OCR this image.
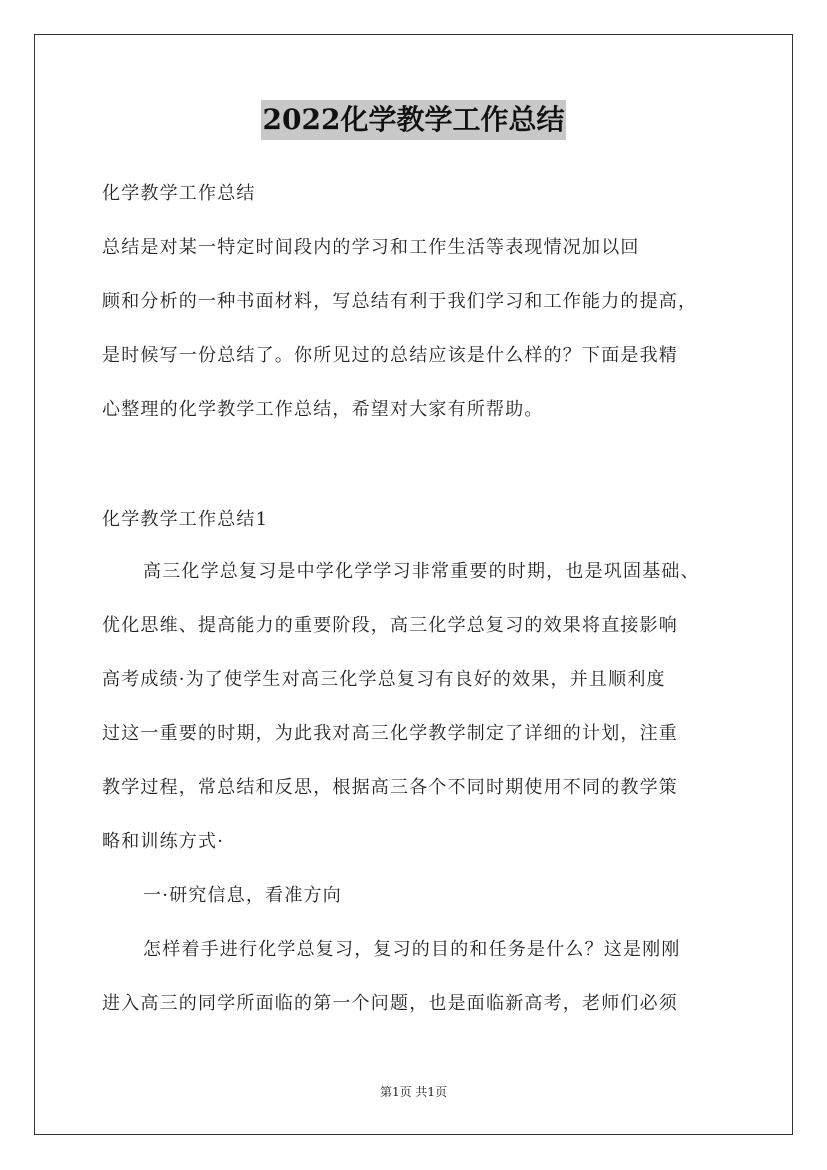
2022化学教学工作总结
化学教学工作总结
总结是对某一特定时间段内的学习和工作生活等表现情况加以回
顾和分析的一种书面材料，写总结有利于我们学习和工作能力的提高，
是时候写一份总结了。你所见过的总结应该是什么样的？下面是我精
心整理的化学教学工作总结，希望对大家有所帮助。
化学教学工作总结1
高三化学总复习是中学化学学习非常重要的时期，也是巩固基础、
优化思维、提高能力的重要阶段，高三化学总复习的效果将直接影响
高考成绩·为了使学生对高三化学总复习有良好的效果，并且顺利度
过这一重要的时期，为此我对高三化学教学制定了详细的计划，注重
教学过程，常总结和反思，根据高三各个不同时期使用不同的教学策
略和训练方式·
一·研究信息，看准方向
怎样着手进行化学总复习，复习的目的和任务是什么？这是刚刚
进入高三的同学所面临的第一个问题，也是面临新高考，老师们必须
第1页 共1页
